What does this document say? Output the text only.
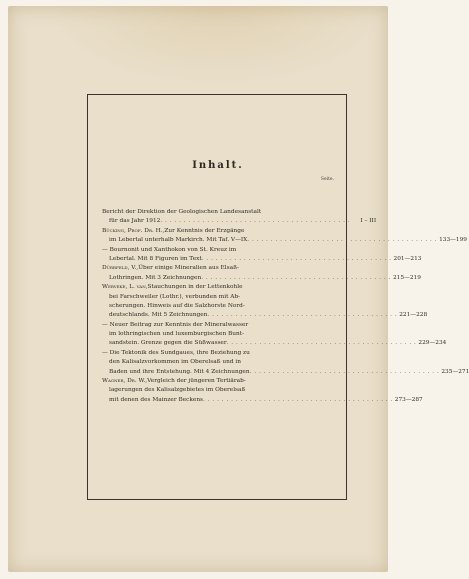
Inhalt.
Seite.
Bericht der Direktion der Geologischen Landesanstalt
für das Jahr 1912 . . . . . . . . . . . . . . . . . . . . . . . . . . . . . . . . . . . . . . . . .	I – III
Bücking, Prof. Dr. H., Zur Kenntnis der Erzgänge
im Lebertal unterhalb Markirch. Mit Taf. V—IX . . . . . . . . . . . . . . . . . . . . . . . . . . . . . . . . . . . . . . . . . 133—199
— Bournonit und Xanthokon von St. Kreuz im
Lebertal. Mit 8 Figuren im Text . . . . . . . . . . . . . . . . . . . . . . . . . . . . . . . . . . . . . . . . . 201—213
Dürrfeld, V., Über einige Mineralien aus Elsaß-
Lothringen. Mit 3 Zeichnungen . . . . . . . . . . . . . . . . . . . . . . . . . . . . . . . . . . . . . . . . . 215—219
Werveke, L. van, Stauchungen in der Lettenkohle
bei Farschweiler (Lothr.), verbunden mit Ab-
scherungen. Hinweis auf die Salzhorste Nord-
deutschlands. Mit 5 Zeichnungen . . . . . . . . . . . . . . . . . . . . . . . . . . . . . . . . . . . . . . . . . 221—228
— Neuer Beitrag zur Kenntnis der Mineralwasser
im lothringischen und luxemburgischen Bunt-
sandstein. Grenze gegen die Süßwasser . . . . . . . . . . . . . . . . . . . . . . . . . . . . . . . . . . . . . . . . . 229—234
— Die Tektonik des Sundgaues, ihre Beziehung zu
den Kalisalzvorkommen im Oberelsaß und in
Baden und ihre Entstehung. Mit 4 Zeichnungen . . . . . . . . . . . . . . . . . . . . . . . . . . . . . . . . . . . . . . . . . 235—271
Wagner, Dr. W., Vergleich der jüngeren Tertiärab-
lagerungen des Kalisalzgebietes im Oberelsaß
mit denen des Mainzer Beckens . . . . . . . . . . . . . . . . . . . . . . . . . . . . . . . . . . . . . . . . . 273—287
